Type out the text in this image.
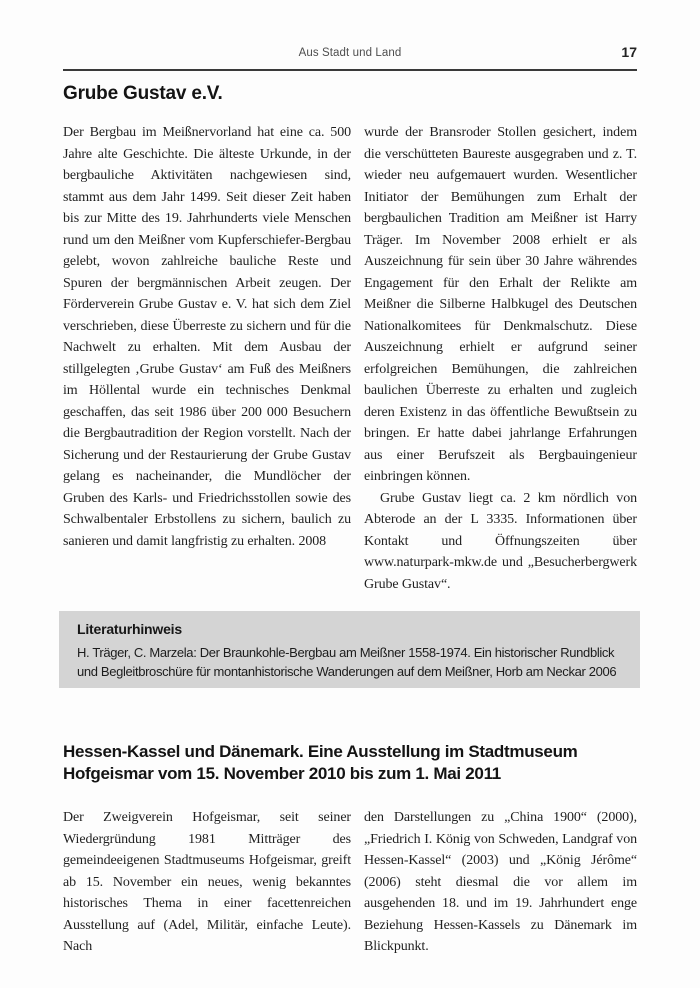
Aus Stadt und Land	17
Grube Gustav e.V.

Der Bergbau im Meißnervorland hat eine ca. 500 Jahre alte Geschichte. Die älteste Urkunde, in der bergbauliche Aktivitäten nachgewiesen sind, stammt aus dem Jahr 1499. Seit dieser Zeit haben bis zur Mitte des 19. Jahrhunderts viele Menschen rund um den Meißner vom Kupferschiefer-Bergbau gelebt, wovon zahlreiche bauliche Reste und Spuren der bergmännischen Arbeit zeugen. Der Förderverein Grube Gustav e. V. hat sich dem Ziel verschrieben, diese Überreste zu sichern und für die Nachwelt zu erhalten. Mit dem Ausbau der stillgelegten ‚Grube Gustav‘ am Fuß des Meißners im Höllental wurde ein technisches Denkmal geschaffen, das seit 1986 über 200 000 Besuchern die Bergbautradition der Region vorstellt. Nach der Sicherung und der Restaurierung der Grube Gustav gelang es nacheinander, die Mundlöcher der Gruben des Karls- und Friedrichsstollen sowie des Schwalbentaler Erbstollens zu sichern, baulich zu sanieren und damit langfristig zu erhalten. 2008

wurde der Bransroder Stollen gesichert, indem die verschütteten Baureste ausgegraben und z. T. wieder neu aufgemauert wurden. Wesentlicher Initiator der Bemühungen zum Erhalt der bergbaulichen Tradition am Meißner ist Harry Träger. Im November 2008 erhielt er als Auszeichnung für sein über 30 Jahre währendes Engagement für den Erhalt der Relikte am Meißner die Silberne Halbkugel des Deutschen Nationalkomitees für Denkmalschutz. Diese Auszeichnung erhielt er aufgrund seiner erfolgreichen Bemühungen, die zahlreichen baulichen Überreste zu erhalten und zugleich deren Existenz in das öffentliche Bewußtsein zu bringen. Er hatte dabei jahrlange Erfahrungen aus einer Berufszeit als Bergbauingenieur einbringen können.

Grube Gustav liegt ca. 2 km nördlich von Abterode an der L 3335. Informationen über Kontakt und Öffnungszeiten über www.naturpark-mkw.de und „Besucherbergwerk Grube Gustav“.

Literaturhinweis

H. Träger, C. Marzela: Der Braunkohle-Bergbau am Meißner 1558-1974. Ein historischer Rundblick und Begleitbroschüre für montanhistorische Wanderungen auf dem Meißner, Horb am Neckar 2006

Hessen-Kassel und Dänemark. Eine Ausstellung im Stadtmuseum
Hofgeismar vom 15. November 2010 bis zum 1. Mai 2011

Der Zweigverein Hofgeismar, seit seiner Wiedergründung 1981 Mitträger des gemeindeeigenen Stadtmuseums Hofgeismar, greift ab 15. November ein neues, wenig bekanntes historisches Thema in einer facettenreichen Ausstellung auf (Adel, Militär, einfache Leute). Nach

den Darstellungen zu „China 1900“ (2000), „Friedrich I. König von Schweden, Landgraf von Hessen-Kassel“ (2003) und „König Jérôme“ (2006) steht diesmal die vor allem im ausgehenden 18. und im 19. Jahrhundert enge Beziehung Hessen-Kassels zu Dänemark im Blickpunkt.
